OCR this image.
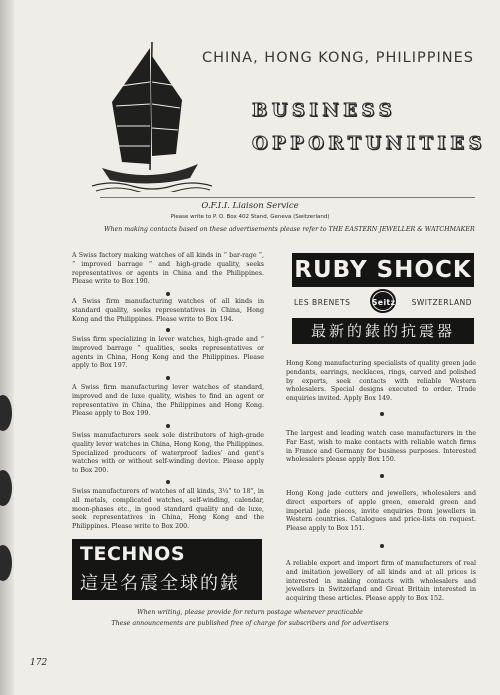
CHINA, HONG KONG, PHILIPPINES
BUSINESS
OPPORTUNITIES
O.F.I.I. Liaison Service
Please write to P. O. Box 402 Stand, Geneva (Switzerland)
When making contacts based on these advertisements please refer to THE EASTERN JEWELLER & WATCHMAKER
A Swiss factory making watches of all kinds in “ bar-rage ”, “ improved barrage ” and high-grade quality, seeks representatives or agents in China and the Philippines. Please write to Box 190.
A Swiss firm manufacturing watches of all kinds in standard quality, seeks representatives in China, Hong Kong and the Philippines. Please write to Box 194.
Swiss firm specializing in lever watches, high-grade and “ improved barrage ” qualities, seeks representatives or agents in China, Hong Kong and the Philippines. Please apply to Box 197.
A Swiss firm manufacturing lever watches of standard, improved and de luxe quality, wishes to find an agent or representative in China, the Philippines and Hong Kong. Please apply to Box 199.
Swiss manufacturers seek sole distributors of high-grade quality lever watches in China, Hong Kong, the Philippines. Specialized producers of waterproof ladies’ and gent’s watches with or without self-winding device. Please apply to Box 200.
Swiss manufacturers of watches of all kinds, 3¼” to 18”, in all metals, complicated watches, self-winding, calendar, moon-phases etc., in good standard quality and de luxe, seek representatives in China, Hong Kong and the Philippines. Please write to Box 200.
TECHNOS
這是名震全球的錶
RUBY SHOCK
LES BRENETS	Seitz SWITZERLAND
最新的錶的抗震器
Hong Kong manufacturing specialists of quality green jade pendants, earrings, necklaces, rings, carved and polished by experts, seek contacts with reliable Western wholesalers. Special designs executed to order. Trade enquiries invited. Apply Box 149.
The largest and leading watch case manufacturers in the Far East, wish to make contacts with reliable watch firms in France and Germany for business purposes. Interested wholesalers please apply Box 150.
Hong Kong jade cutters and jewellers, wholesalers and direct exporters of apple green, emerald green and imperial jade pieces, invite enquiries from jewellers in Western countries. Catalogues and price-lists on request. Please apply to Box 151.
A reliable export and import firm of manufacturers of real and imitation jewellery of all kinds and at all prices is interested in making contacts with wholesalers and jewellers in Switzerland and Great Britain interested in acquiring these articles. Please apply to Box 152.
When writing, please provide for return postage whenever practicable
These announcements are published free of charge for subscribers and for advertisers
172
